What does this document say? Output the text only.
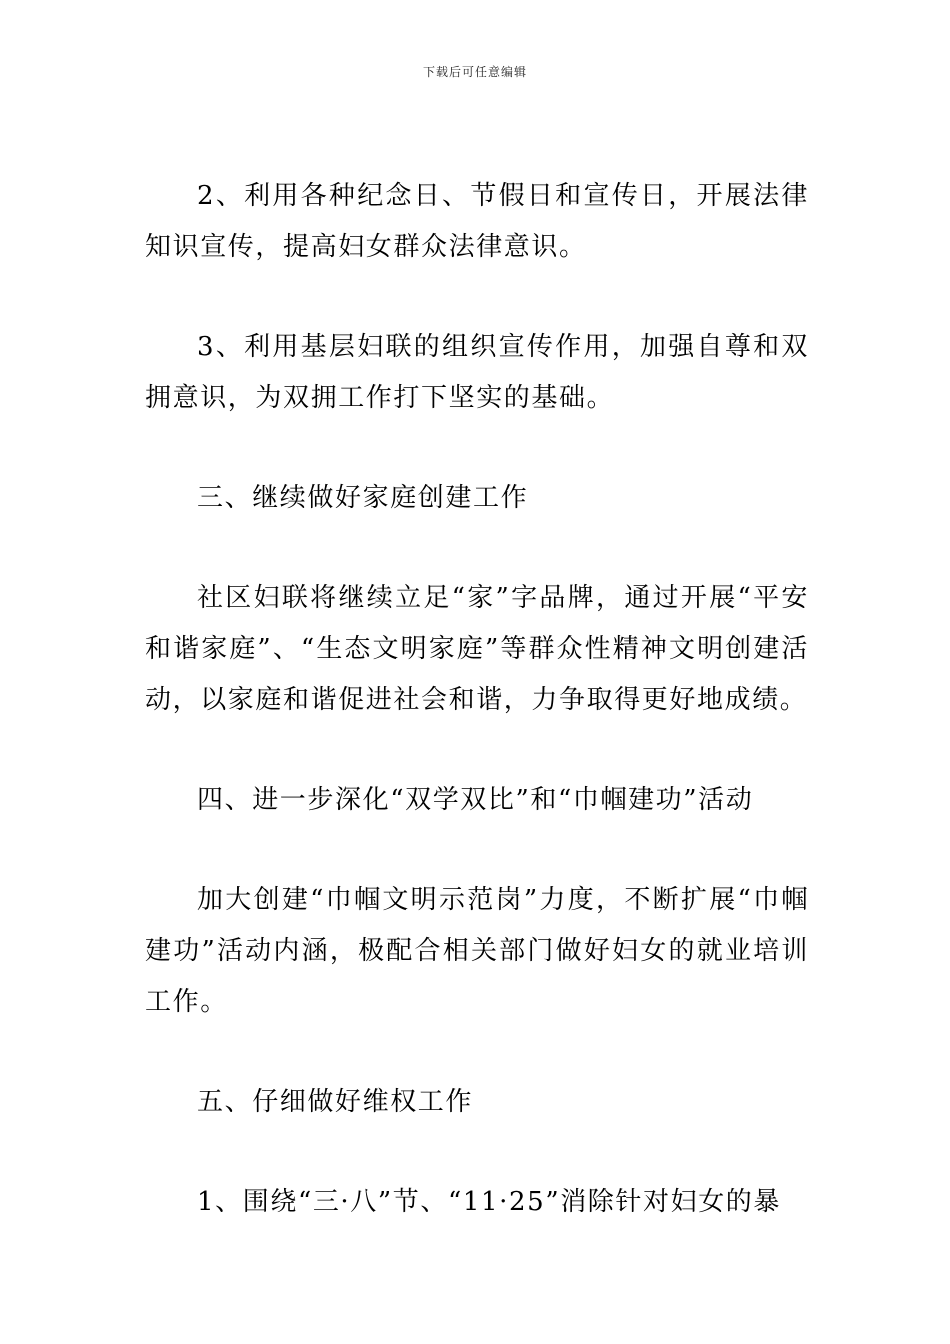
下载后可任意编辑

2、利用各种纪念日、节假日和宣传日，开展法律知识宣传，提高妇女群众法律意识。

3、利用基层妇联的组织宣传作用，加强自尊和双拥意识，为双拥工作打下坚实的基础。

三、继续做好家庭创建工作

社区妇联将继续立足“家”字品牌，通过开展“平安和谐家庭”、“生态文明家庭”等群众性精神文明创建活动，以家庭和谐促进社会和谐，力争取得更好地成绩。

四、进一步深化“双学双比”和“巾帼建功”活动

加大创建“巾帼文明示范岗”力度，不断扩展“巾帼建功”活动内涵，极配合相关部门做好妇女的就业培训工作。

五、仔细做好维权工作

1、围绕“三·八”节、“11·25”消除针对妇女的暴
